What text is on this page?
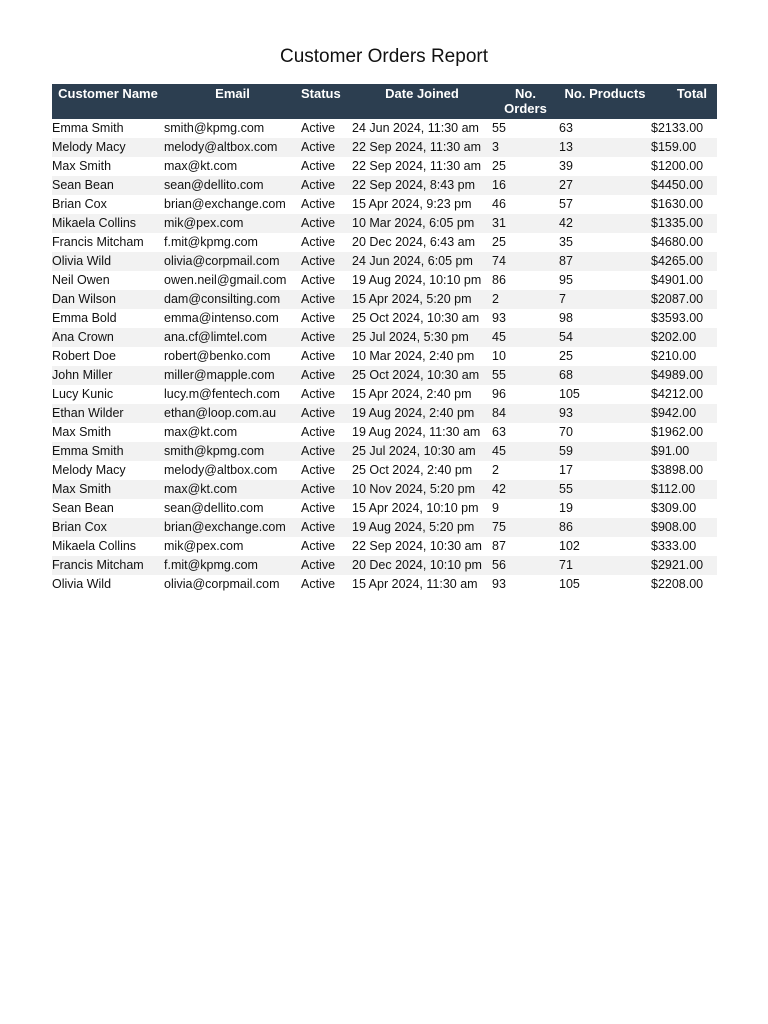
Customer Orders Report
Customer Name	Email	Status	Date Joined	No. Orders	No. Products	Total
Emma Smith	smith@kpmg.com	Active	24 Jun 2024, 11:30 am	55	63	$2133.00
Melody Macy	melody@altbox.com	Active	22 Sep 2024, 11:30 am	3	13	$159.00
Max Smith	max@kt.com	Active	22 Sep 2024, 11:30 am	25	39	$1200.00
Sean Bean	sean@dellito.com	Active	22 Sep 2024, 8:43 pm	16	27	$4450.00
Brian Cox	brian@exchange.com	Active	15 Apr 2024, 9:23 pm	46	57	$1630.00
Mikaela Collins	mik@pex.com	Active	10 Mar 2024, 6:05 pm	31	42	$1335.00
Francis Mitcham	f.mit@kpmg.com	Active	20 Dec 2024, 6:43 am	25	35	$4680.00
Olivia Wild	olivia@corpmail.com	Active	24 Jun 2024, 6:05 pm	74	87	$4265.00
Neil Owen	owen.neil@gmail.com	Active	19 Aug 2024, 10:10 pm	86	95	$4901.00
Dan Wilson	dam@consilting.com	Active	15 Apr 2024, 5:20 pm	2	7	$2087.00
Emma Bold	emma@intenso.com	Active	25 Oct 2024, 10:30 am	93	98	$3593.00
Ana Crown	ana.cf@limtel.com	Active	25 Jul 2024, 5:30 pm	45	54	$202.00
Robert Doe	robert@benko.com	Active	10 Mar 2024, 2:40 pm	10	25	$210.00
John Miller	miller@mapple.com	Active	25 Oct 2024, 10:30 am	55	68	$4989.00
Lucy Kunic	lucy.m@fentech.com	Active	15 Apr 2024, 2:40 pm	96	105	$4212.00
Ethan Wilder	ethan@loop.com.au	Active	19 Aug 2024, 2:40 pm	84	93	$942.00
Max Smith	max@kt.com	Active	19 Aug 2024, 11:30 am	63	70	$1962.00
Emma Smith	smith@kpmg.com	Active	25 Jul 2024, 10:30 am	45	59	$91.00
Melody Macy	melody@altbox.com	Active	25 Oct 2024, 2:40 pm	2	17	$3898.00
Max Smith	max@kt.com	Active	10 Nov 2024, 5:20 pm	42	55	$112.00
Sean Bean	sean@dellito.com	Active	15 Apr 2024, 10:10 pm	9	19	$309.00
Brian Cox	brian@exchange.com	Active	19 Aug 2024, 5:20 pm	75	86	$908.00
Mikaela Collins	mik@pex.com	Active	22 Sep 2024, 10:30 am	87	102	$333.00
Francis Mitcham	f.mit@kpmg.com	Active	20 Dec 2024, 10:10 pm	56	71	$2921.00
Olivia Wild	olivia@corpmail.com	Active	15 Apr 2024, 11:30 am	93	105	$2208.00
